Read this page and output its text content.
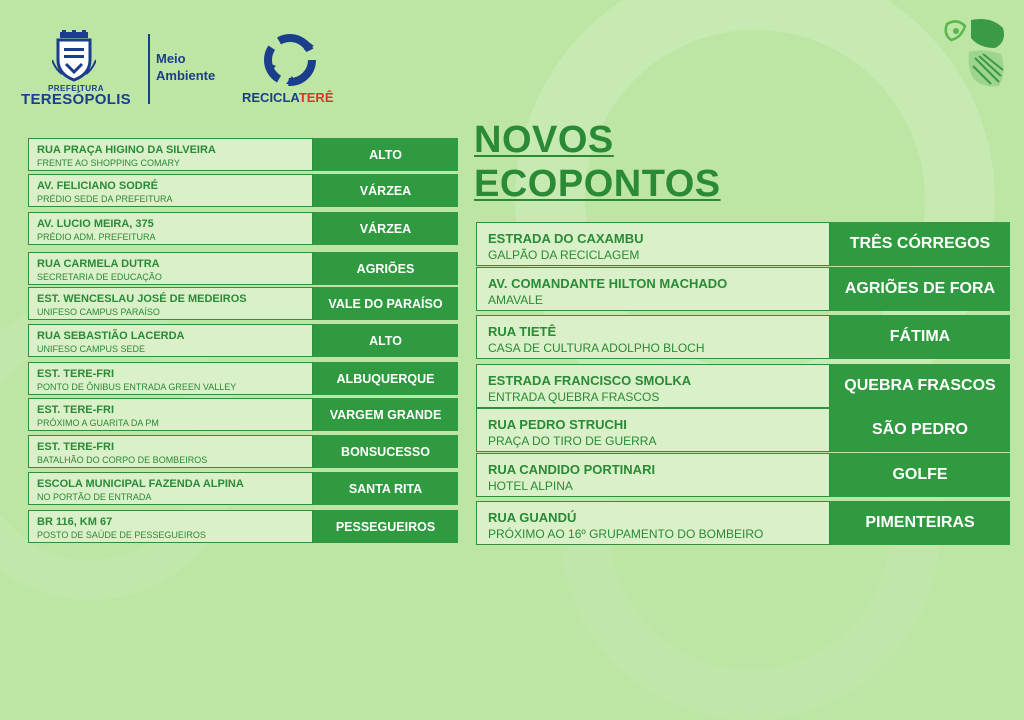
PREFEITURA
TERESÓPOLIS
Meio
Ambiente
RECICLATERÊ
RUA PRAÇA HIGINO DA SILVEIRA
FRENTE AO SHOPPING COMARY
ALTO
AV. FELICIANO SODRÉ
PRÉDIO SEDE DA PREFEITURA
VÁRZEA
AV. LUCIO MEIRA, 375
PRÉDIO ADM. PREFEITURA
VÁRZEA
RUA CARMELA DUTRA
SECRETARIA DE EDUCAÇÃO
AGRIÕES
EST. WENCESLAU JOSÉ DE MEDEIROS
UNIFESO CAMPUS PARAÍSO
VALE DO PARAÍSO
RUA SEBASTIÃO LACERDA
UNIFESO CAMPUS SEDE
ALTO
EST. TERE-FRI
PONTO DE ÔNIBUS ENTRADA GREEN VALLEY
ALBUQUERQUE
EST. TERE-FRI
PRÓXIMO A GUARITA DA PM
VARGEM GRANDE
EST. TERE-FRI
BATALHÃO DO CORPO DE BOMBEIROS
BONSUCESSO
ESCOLA MUNICIPAL FAZENDA ALPINA
NO PORTÃO DE ENTRADA
SANTA RITA
BR 116, KM 67
POSTO DE SAÚDE DE PESSEGUEIROS
PESSEGUEIROS
NOVOS
ECOPONTOS
ESTRADA DO CAXAMBU
GALPÃO DA RECICLAGEM
TRÊS CÓRREGOS
AV. COMANDANTE HILTON MACHADO
AMAVALE
AGRIÕES DE FORA
RUA TIETÊ
CASA DE CULTURA ADOLPHO BLOCH
FÁTIMA
ESTRADA FRANCISCO SMOLKA
ENTRADA QUEBRA FRASCOS
QUEBRA FRASCOS
RUA PEDRO STRUCHI
PRAÇA DO TIRO DE GUERRA
SÃO PEDRO
RUA CANDIDO PORTINARI
HOTEL ALPINA
GOLFE
RUA GUANDÚ
PRÓXIMO AO 16º GRUPAMENTO DO BOMBEIRO
PIMENTEIRAS
